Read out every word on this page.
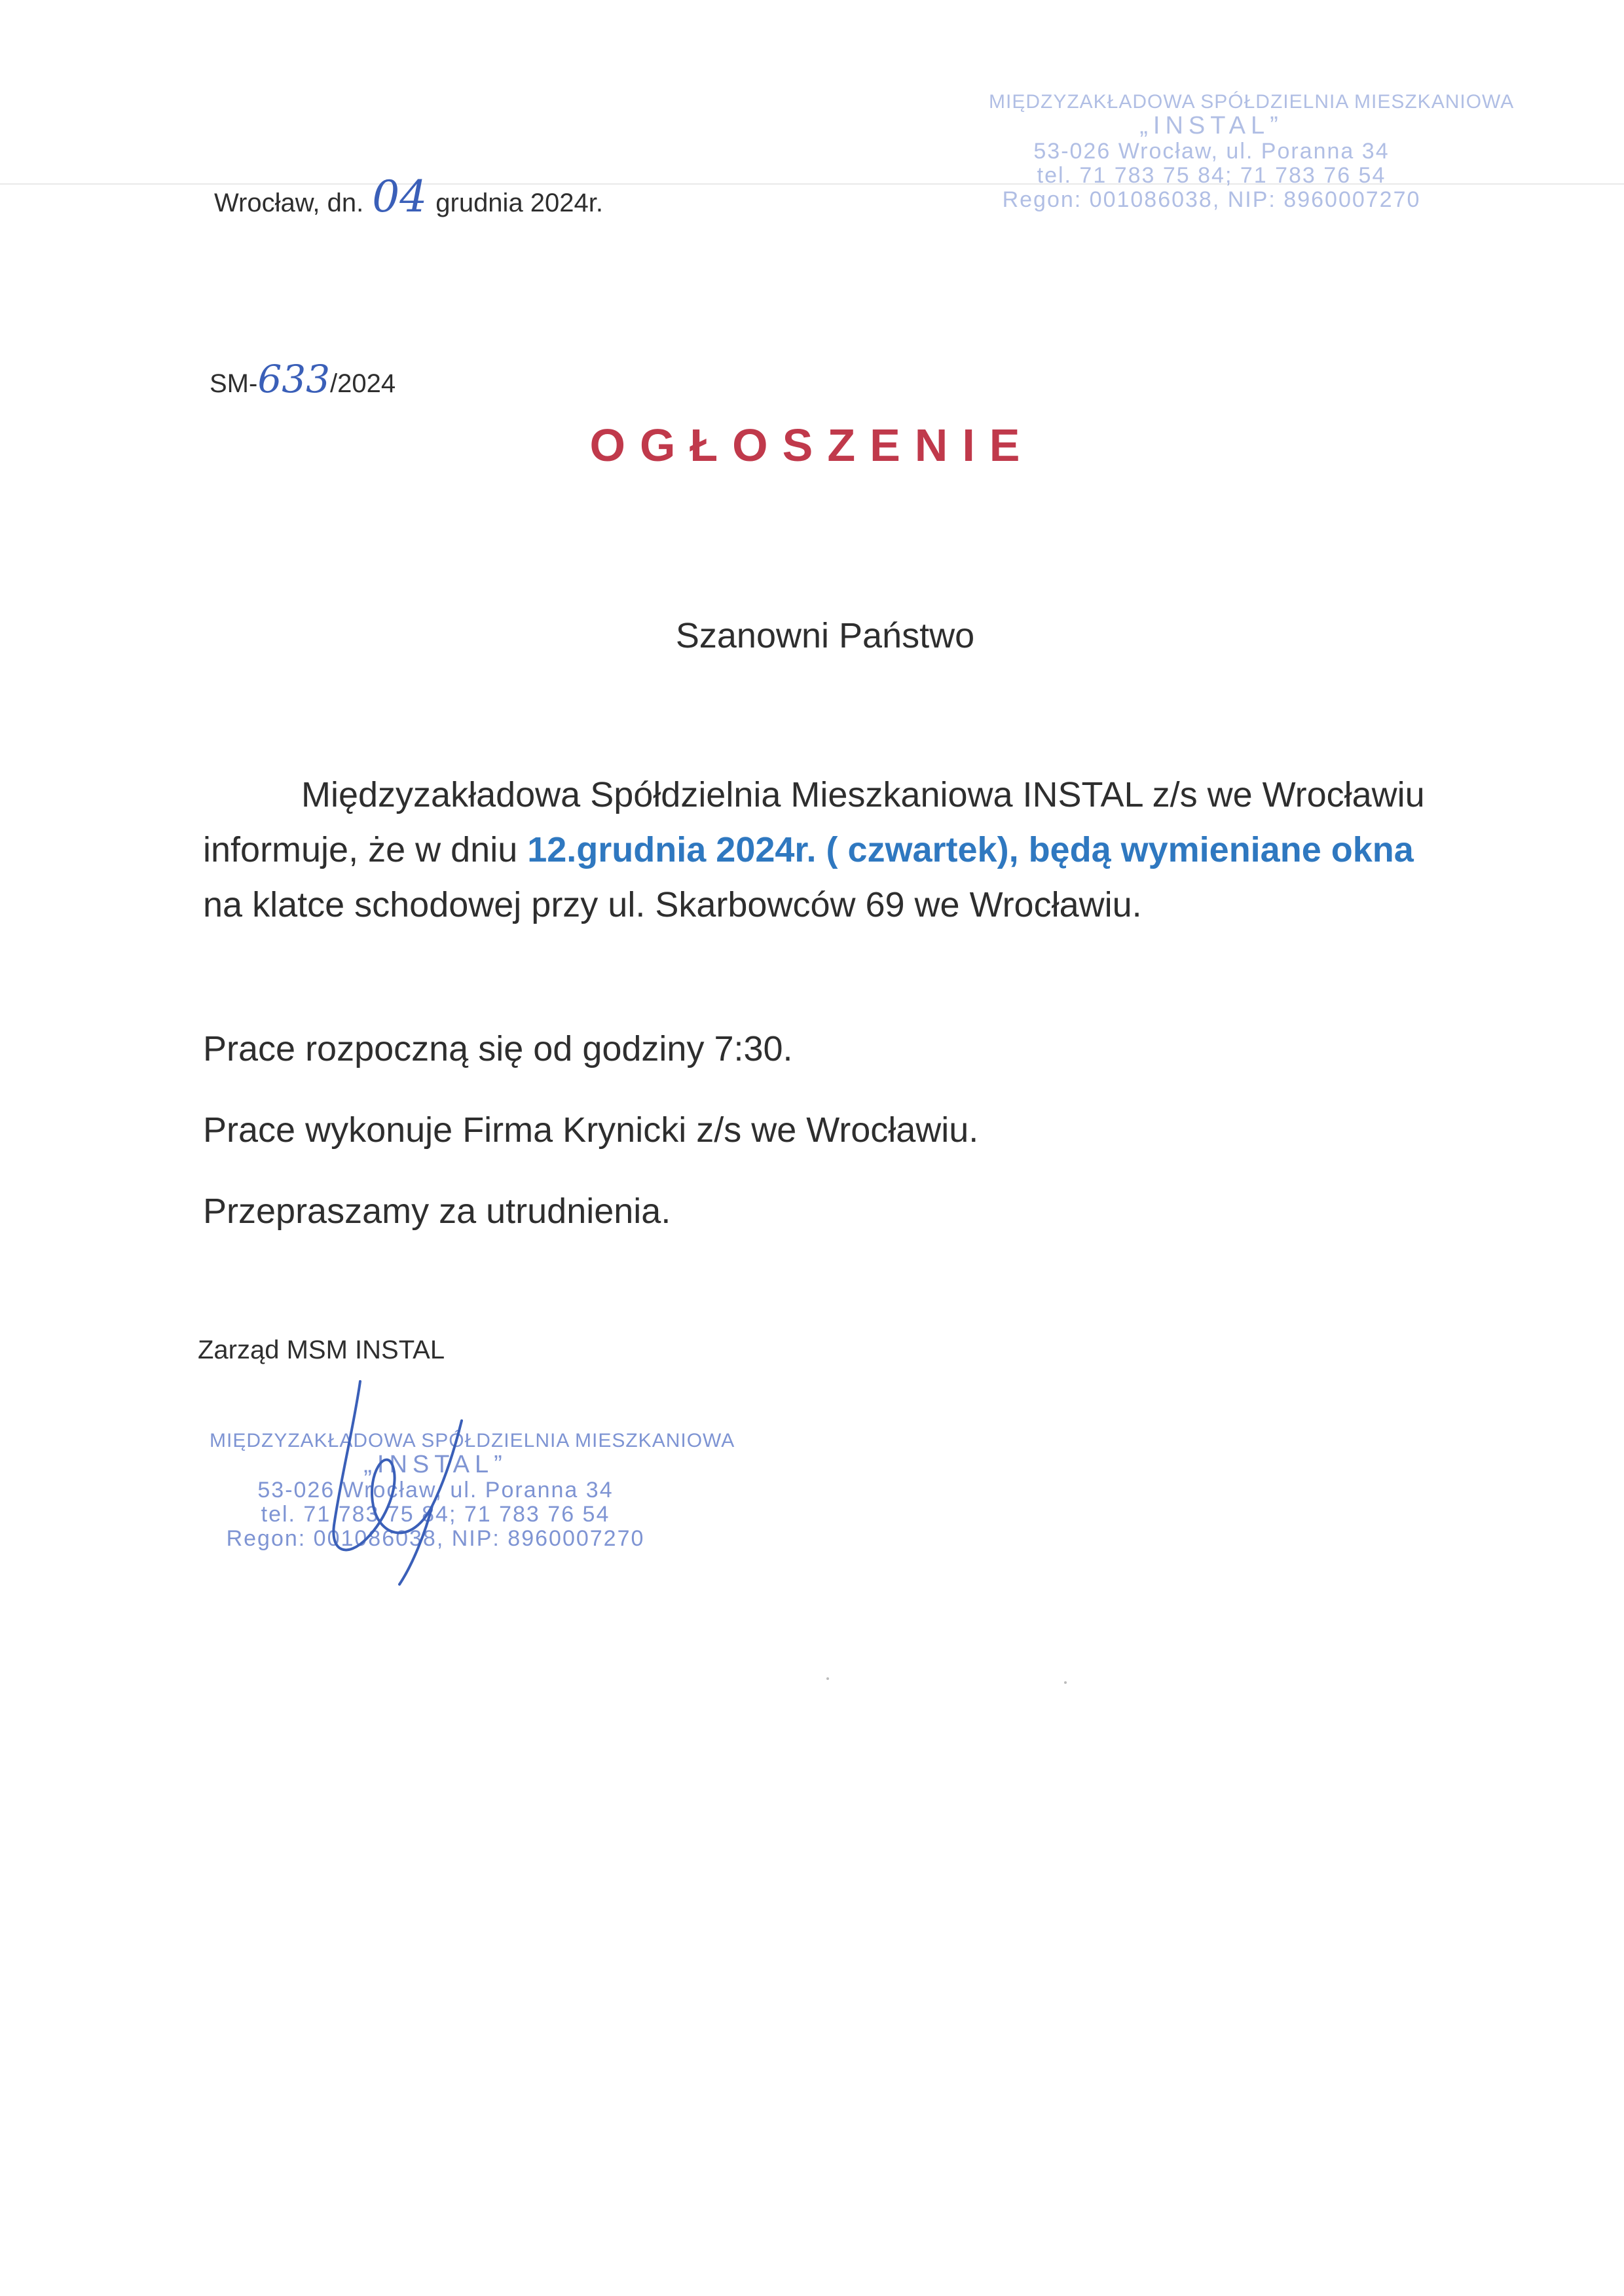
Wrocław, dn. 04 grudnia 2024r.
MIĘDZYZAKŁADOWA SPÓŁDZIELNIA MIESZKANIOWA
„INSTAL”
53-026 Wrocław, ul. Poranna 34
tel. 71 783 75 84; 71 783 76 54
Regon: 001086038, NIP: 8960007270
SM-633/2024
OGŁOSZENIE
Szanowni Państwo
Międzyzakładowa Spółdzielnia Mieszkaniowa INSTAL z/s we Wrocławiu informuje, że w dniu 12.grudnia 2024r. ( czwartek), będą wymieniane okna na klatce schodowej przy ul. Skarbowców 69 we Wrocławiu.
Prace rozpoczną się od godziny 7:30.
Prace wykonuje Firma Krynicki z/s we Wrocławiu.
Przepraszamy za utrudnienia.
Zarząd MSM INSTAL
MIĘDZYZAKŁADOWA SPÓŁDZIELNIA MIESZKANIOWA
„INSTAL”
53-026 Wrocław, ul. Poranna 34
tel. 71 783 75 84; 71 783 76 54
Regon: 001086038, NIP: 8960007270
